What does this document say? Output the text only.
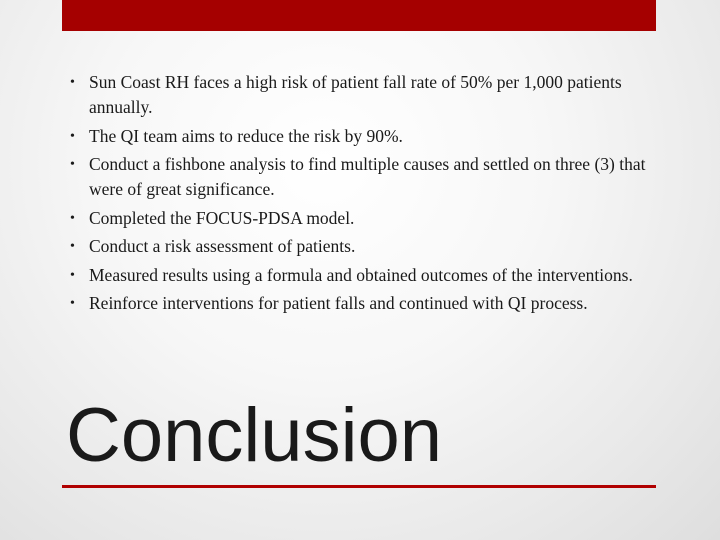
• Sun Coast RH faces a high risk of patient fall rate of 50% per 1,000 patients annually.
• The QI team aims to reduce the risk by 90%.
• Conduct a fishbone analysis to find multiple causes and settled on three (3) that were of great significance.
• Completed the FOCUS-PDSA model.
• Conduct a risk assessment of patients.
• Measured results using a formula and obtained outcomes of the interventions.
• Reinforce interventions for patient falls and continued with QI process.
Conclusion
